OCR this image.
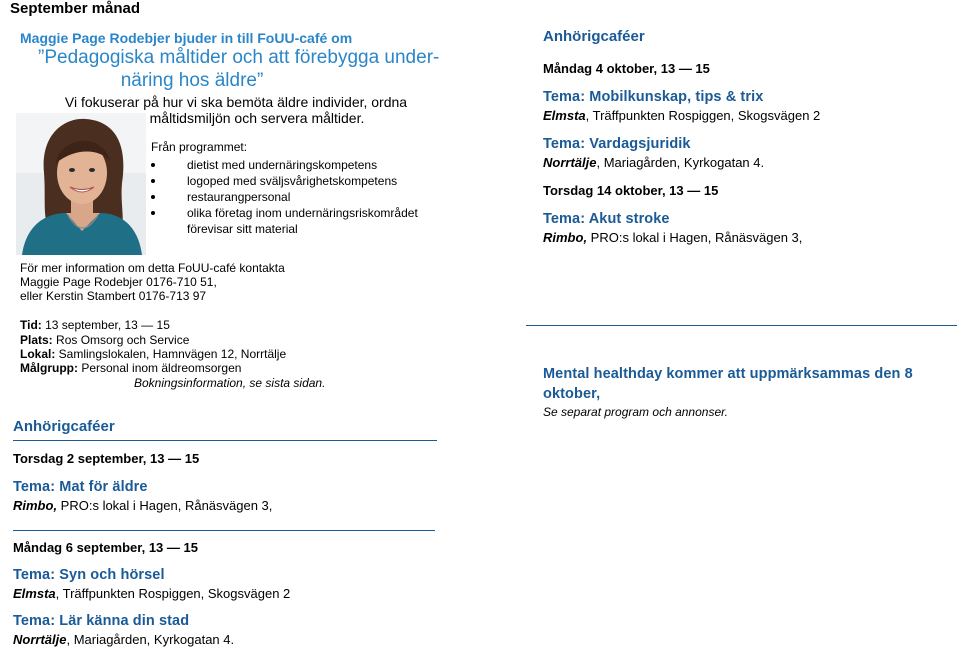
September månad
Maggie Page Rodebjer bjuder in till FoUU-café om
”Pedagogiska måltider och att förebygga under-
näring hos äldre”
Vi fokuserar på hur vi ska bemöta äldre individer, ordna
måltidsmiljön och servera måltider.
Från programmet:
dietist med undernäringskompetens
logoped med sväljsvårighetskompetens
restaurangpersonal
olika företag inom undernäringsriskområdet
förevisar sitt material
För mer information om detta FoUU-café kontakta
Maggie Page Rodebjer 0176-710 51,
eller Kerstin Stambert 0176-713 97
Tid: 13 september, 13 — 15
Plats: Ros Omsorg och Service
Lokal: Samlingslokalen, Hamnvägen 12, Norrtälje
Målgrupp: Personal inom äldreomsorgen
Bokningsinformation, se sista sidan.
Anhörigcaféer
Torsdag 2 september, 13 — 15
Tema: Mat för äldre
Rimbo, PRO:s lokal i Hagen, Rånäsvägen 3,
Måndag 6 september, 13 — 15
Tema: Syn och hörsel
Elmsta, Träffpunkten Rospiggen, Skogsvägen 2
Tema: Lär känna din stad
Norrtälje, Mariagården, Kyrkogatan 4.
Anhörigcaféer
Måndag 4 oktober, 13 — 15
Tema: Mobilkunskap, tips & trix
Elmsta, Träffpunkten Rospiggen, Skogsvägen 2
Tema: Vardagsjuridik
Norrtälje, Mariagården, Kyrkogatan 4.
Torsdag 14 oktober, 13 — 15
Tema: Akut stroke
Rimbo, PRO:s lokal i Hagen, Rånäsvägen 3,
Mental healthday kommer att uppmärksammas den 8
oktober,
Se separat program och annonser.
